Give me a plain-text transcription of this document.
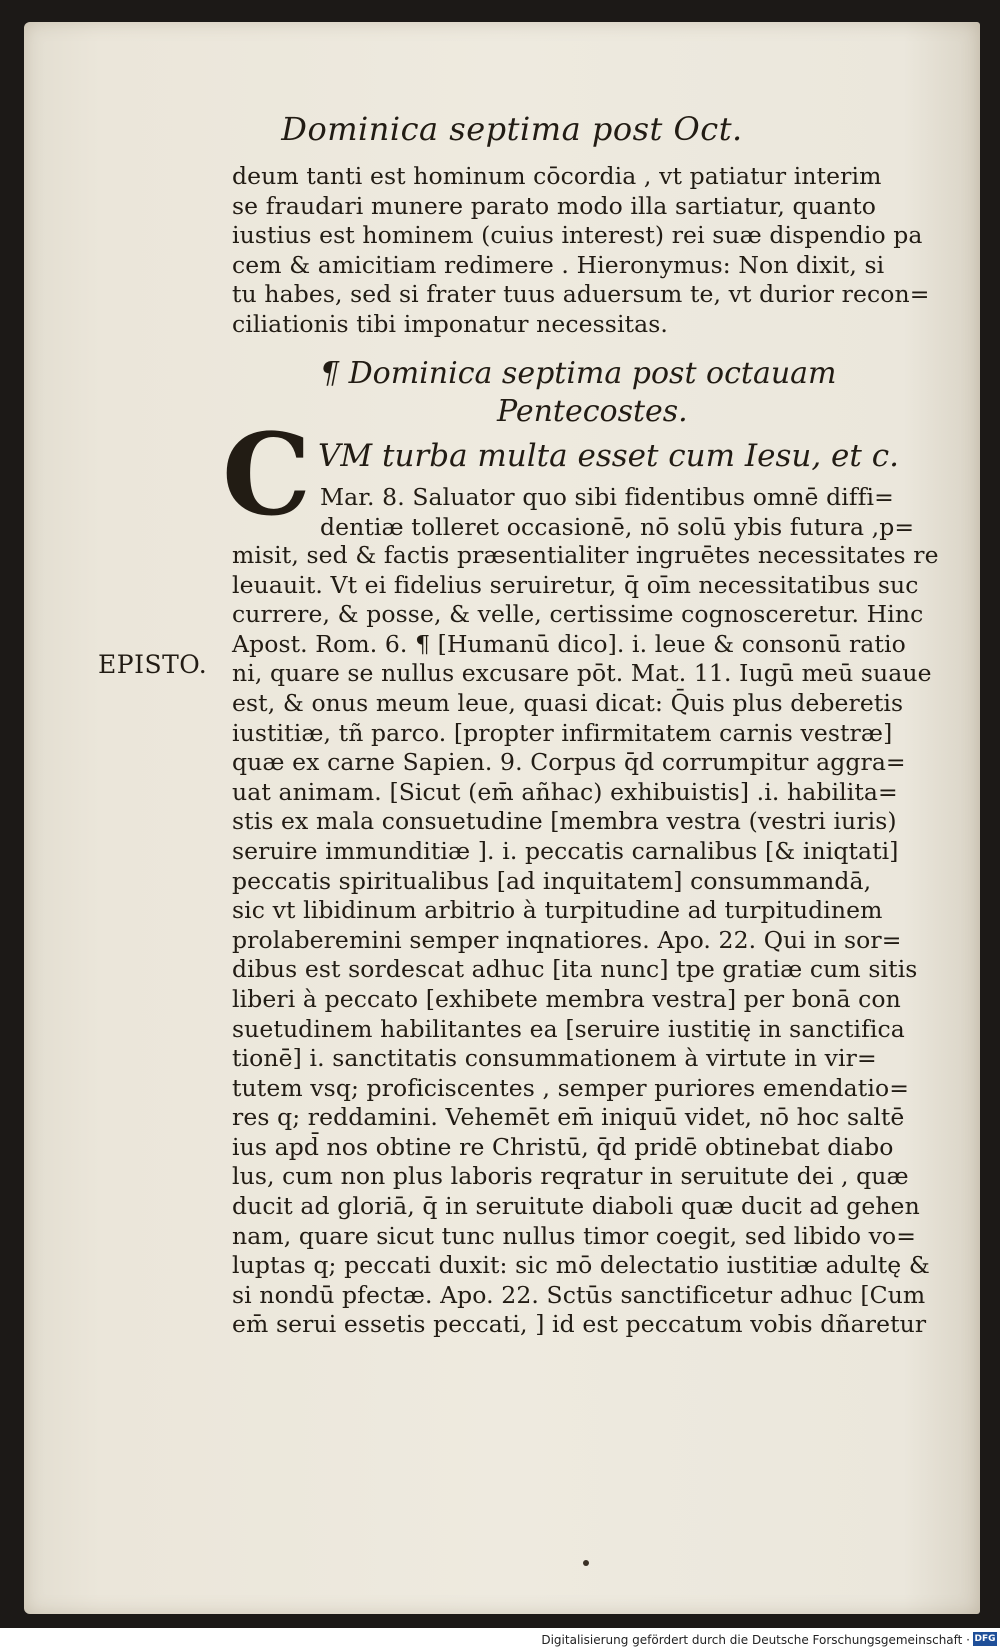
Dominica septima post Oct.
deum tanti est hominum cōcordia , vt patiatur interim
se fraudari munere parato modo illa sartiatur, quanto
iustius est hominem (cuius interest) rei suæ dispendio pa
cem & amicitiam redimere . Hieronymus: Non dixit, si
tu habes, sed si frater tuus aduersum te, vt durior recon=
ciliationis tibi imponatur necessitas.
¶ Dominica septima post octauam
Pentecostes.
C VM turba multa esset cum Iesu, et c.
Mar. 8. Saluator quo sibi fidentibus omnē diffi=
dentiæ tolleret occasionē, nō solū ybis futura ,p=
misit, sed & factis præsentialiter ingruētes necessitates re
leuauit. Vt ei fidelius seruiretur, q̄ oīm necessitatibus suc
currere, & posse, & velle, certissime cognosceretur. Hinc
Apost. Rom. 6. ¶ [Humanū dico]. i. leue & consonū ratio
ni, quare se nullus excusare pōt. Mat. 11. Iugū meū suaue
est, & onus meum leue, quasi dicat: Q̄uis plus deberetis
iustitiæ, tñ parco. [propter infirmitatem carnis vestræ]
quæ ex carne Sapien. 9. Corpus q̄d corrumpitur aggra=
uat animam. [Sicut (em̄ añhac) exhibuistis] .i. habilita=
stis ex mala consuetudine [membra vestra (vestri iuris)
seruire immunditiæ ]. i. peccatis carnalibus [& iniqtati]
peccatis spiritualibus [ad inquitatem] consummandā,
sic vt libidinum arbitrio à turpitudine ad turpitudinem
prolaberemini semper inqnatiores. Apo. 22. Qui in sor=
dibus est sordescat adhuc [ita nunc] tpe gratiæ cum sitis
liberi à peccato [exhibete membra vestra] per bonā con
suetudinem habilitantes ea [seruire iustitię in sanctifica
tionē] i. sanctitatis consummationem à virtute in vir=
tutem vsq; proficiscentes , semper puriores emendatio=
res q; reddamini. Vehemēt em̄ iniquū videt, nō hoc saltē
ius apd̄ nos obtine re Christū, q̄d pridē obtinebat diabo
lus, cum non plus laboris reqratur in seruitute dei , quæ
ducit ad gloriā, q̄ in seruitute diaboli quæ ducit ad gehen
nam, quare sicut tunc nullus timor coegit, sed libido vo=
luptas q; peccati duxit: sic mō delectatio iustitiæ adultę &
si nondū pfectæ. Apo. 22. Sctūs sanctificetur adhuc [Cum
em̄ serui essetis peccati, ] id est peccatum vobis dñaretur
EPISTO.
Digitalisierung gefördert durch die Deutsche Forschungsgemeinschaft · DFG
